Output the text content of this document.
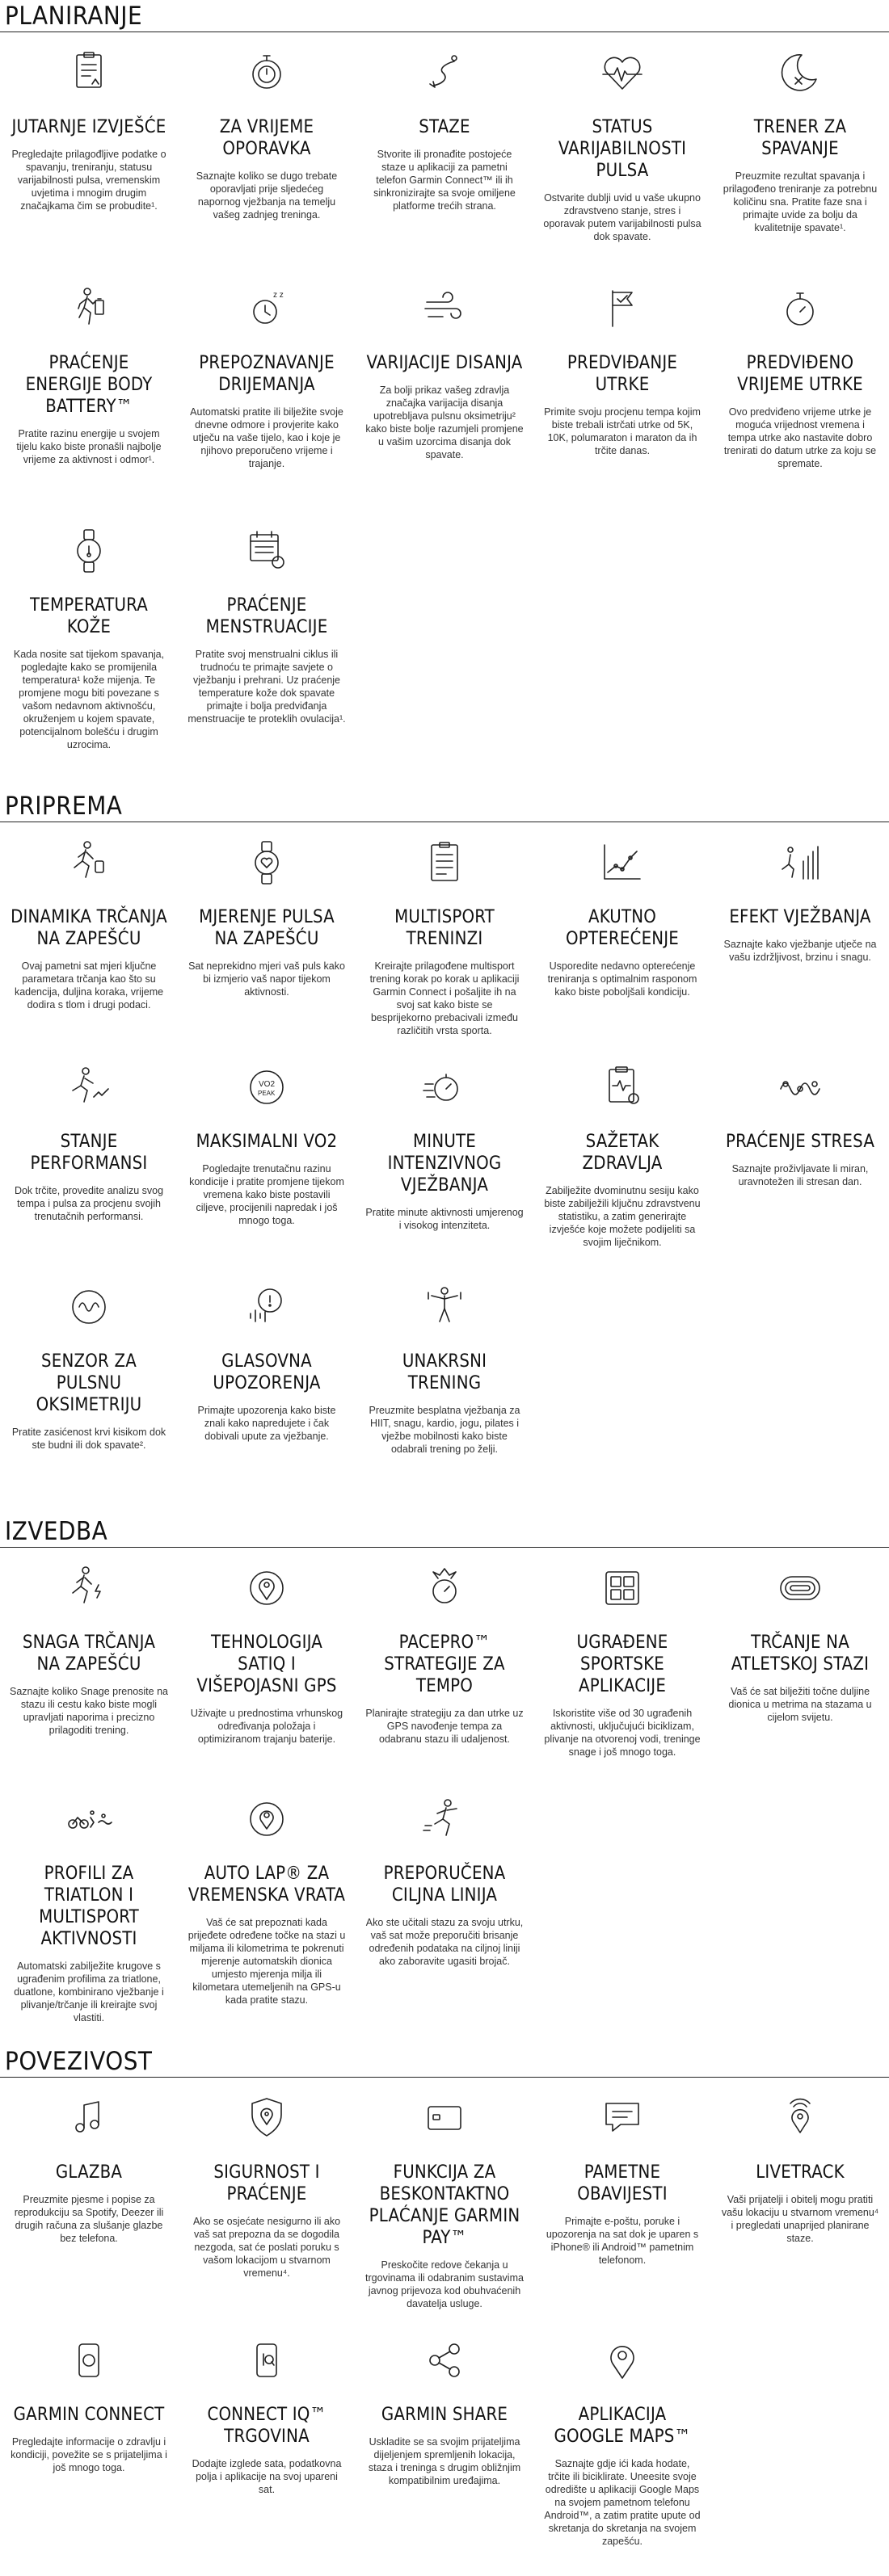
PLANIRANJE
JUTARNJE IZVJEŠĆE
Pregledajte prilagođljive podatke o spavanju, treniranju, statusu varijabilnosti pulsa, vremenskim uvjetima i mnogim drugim značajkama čim se probudite¹.
ZA VRIJEME OPORAVKA
Saznajte koliko se dugo trebate oporavljati prije sljedećeg napornog vježbanja na temelju vašeg zadnjeg treninga.
STAZE
Stvorite ili pronađite postojeće staze u aplikaciji za pametni telefon Garmin Connect™ ili ih sinkronizirajte sa svoje omiljene platforme trećih strana.
STATUS VARIJABILNOSTI PULSA
Ostvarite dublji uvid u vaše ukupno zdravstveno stanje, stres i oporavak putem varijabilnosti pulsa dok spavate.
TRENER ZA SPAVANJE
Preuzmite rezultat spavanja i prilagođeno treniranje za potrebnu količinu sna. Pratite faze sna i primajte uvide za bolju da kvalitetnije spavate¹.
PRAĆENJE ENERGIJE BODY BATTERY™
Pratite razinu energije u svojem tijelu kako biste pronašli najbolje vrijeme za aktivnost i odmor¹.
z z
PREPOZNAVANJE DRIJEMANJA
Automatski pratite ili bilježite svoje dnevne odmore i provjerite kako utječu na vaše tijelo, kao i koje je njihovo preporučeno vrijeme i trajanje.
VARIJACIJE DISANJA
Za bolji prikaz vašeg zdravlja značajka varijacija disanja upotrebljava pulsnu oksimetriju² kako biste bolje razumjeli promjene u vašim uzorcima disanja dok spavate.
PREDVIĐANJE UTRKE
Primite svoju procjenu tempa kojim biste trebali istrčati utrke od 5K, 10K, polumaraton i maraton da ih trčite danas.
PREDVIĐENO VRIJEME UTRKE
Ovo predviđeno vrijeme utrke je moguća vrijednost vremena i tempa utrke ako nastavite dobro trenirati do datum utrke za koju se spremate.
TEMPERATURA KOŽE
Kada nosite sat tijekom spavanja, pogledajte kako se promijenila temperatura¹ kože mijenja. Te promjene mogu biti povezane s vašom nedavnom aktivnošću, okruženjem u kojem spavate, potencijalnom bolešću i drugim uzrocima.
PRAĆENJE MENSTRUACIJE
Pratite svoj menstrualni ciklus ili trudnoću te primajte savjete o vježbanju i prehrani. Uz praćenje temperature kože dok spavate primajte i bolja predviđanja menstruacije te proteklih ovulacija¹.
PRIPREMA
DINAMIKA TRČANJA NA ZAPEŠĆU
Ovaj pametni sat mjeri ključne parametara trčanja kao što su kadencija, duljina koraka, vrijeme dodira s tlom i drugi podaci.
MJERENJE PULSA NA ZAPEŠĆU
Sat neprekidno mjeri vaš puls kako bi izmjerio vaš napor tijekom aktivnosti.
MULTISPORT TRENINZI
Kreirajte prilagođene multisport trening korak po korak u aplikaciji Garmin Connect i pošaljite ih na svoj sat kako biste se besprijekorno prebacivali između različitih vrsta sporta.
AKUTNO OPTEREĆENJE
Usporedite nedavno opterećenje treniranja s optimalnim rasponom kako biste poboljšali kondiciju.
EFEKT VJEŽBANJA
Saznajte kako vježbanje utječe na vašu izdržljivost, brzinu i snagu.
STANJE PERFORMANSI
Dok trčite, provedite analizu svog tempa i pulsa za procjenu svojih trenutačnih performansi.
VO2
PEAK
MAKSIMALNI VO2
Pogledajte trenutačnu razinu kondicije i pratite promjene tijekom vremena kako biste postavili ciljeve, procijenili napredak i još mnogo toga.
MINUTE INTENZIVNOG VJEŽBANJA
Pratite minute aktivnosti umjerenog i visokog intenziteta.
SAŽETAK ZDRAVLJA
Zabilježite dvominutnu sesiju kako biste zabilježili ključnu zdravstvenu statistiku, a zatim generirajte izvješće koje možete podijeliti sa svojim liječnikom.
PRAĆENJE STRESA
Saznajte proživljavate li miran, uravnotežen ili stresan dan.
SENZOR ZA PULSNU OKSIMETRIJU
Pratite zasićenost krvi kisikom dok ste budni ili dok spavate².
GLASOVNA UPOZORENJA
Primajte upozorenja kako biste znali kako napredujete i čak dobivali upute za vježbanje.
UNAKRSNI TRENING
Preuzmite besplatna vježbanja za HIIT, snagu, kardio, jogu, pilates i vježbe mobilnosti kako biste odabrali trening po želji.
IZVEDBA
SNAGA TRČANJA NA ZAPEŠĆU
Saznajte koliko Snage prenosite na stazu ili cestu kako biste mogli upravljati naporima i precizno prilagoditi trening.
TEHNOLOGIJA SATIQ I VIŠEPOJASNI GPS
Uživajte u prednostima vrhunskog određivanja položaja i optimiziranom trajanju baterije.
PACEPRO™ STRATEGIJE ZA TEMPO
Planirajte strategiju za dan utrke uz GPS navođenje tempa za odabranu stazu ili udaljenost.
UGRAĐENE SPORTSKE APLIKACIJE
Iskoristite više od 30 ugrađenih aktivnosti, uključujući biciklizam, plivanje na otvorenoj vodi, treninge snage i još mnogo toga.
TRČANJE NA ATLETSKOJ STAZI
Vaš će sat bilježiti točne duljine dionica u metrima na stazama u cijelom svijetu.
PROFILI ZA TRIATLON I MULTISPORT AKTIVNOSTI
Automatski zabilježite krugove s ugrađenim profilima za triatlone, duatlone, kombinirano vježbanje i plivanje/trčanje ili kreirajte svoj vlastiti.
AUTO LAP® ZA VREMENSKA VRATA
Vaš će sat prepoznati kada prijeđete određene točke na stazi u miljama ili kilometrima te pokrenuti mjerenje automatskih dionica umjesto mjerenja milja ili kilometara utemeljenih na GPS-u kada pratite stazu.
PREPORUČENA CILJNA LINIJA
Ako ste učitali stazu za svoju utrku, vaš sat može preporučiti brisanje određenih podataka na ciljnoj liniji ako zaboravite ugasiti brojač.
POVEZIVOST
GLAZBA
Preuzmite pjesme i popise za reprodukciju sa Spotify, Deezer ili drugih računa za slušanje glazbe bez telefona.
SIGURNOST I PRAĆENJE
Ako se osjećate nesigurno ili ako vaš sat prepozna da se dogodila nezgoda, sat će poslati poruku s vašom lokacijom u stvarnom vremenu⁴.
FUNKCIJA ZA BESKONTAKTNO PLAĆANJE GARMIN PAY™
Preskočite redove čekanja u trgovinama ili odabranim sustavima javnog prijevoza kod obuhvaćenih davatelja usluge.
PAMETNE OBAVIJESTI
Primajte e-poštu, poruke i upozorenja na sat dok je uparen s iPhone® ili Android™ pametnim telefonom.
LIVETRACK
Vaši prijatelji i obitelj mogu pratiti vašu lokaciju u stvarnom vremenu⁴ i pregledati unaprijed planirane staze.
GARMIN CONNECT
Pregledajte informacije o zdravlju i kondiciji, povežite se s prijateljima i još mnogo toga.
CONNECT IQ™ TRGOVINA
Dodajte izglede sata, podatkovna polja i aplikacije na svoj upareni sat.
GARMIN SHARE
Uskladite se sa svojim prijateljima dijeljenjem spremljenih lokacija, staza i treninga s drugim obližnjim kompatibilnim uređajima.
APLIKACIJA GOOGLE MAPS™
Saznajte gdje ići kada hodate, trčite ili biciklirate. Uneesite svoje odredište u aplikaciji Google Maps na svojem pametnom telefonu Android™, a zatim pratite upute od skretanja do skretanja na svojem zapešću.
